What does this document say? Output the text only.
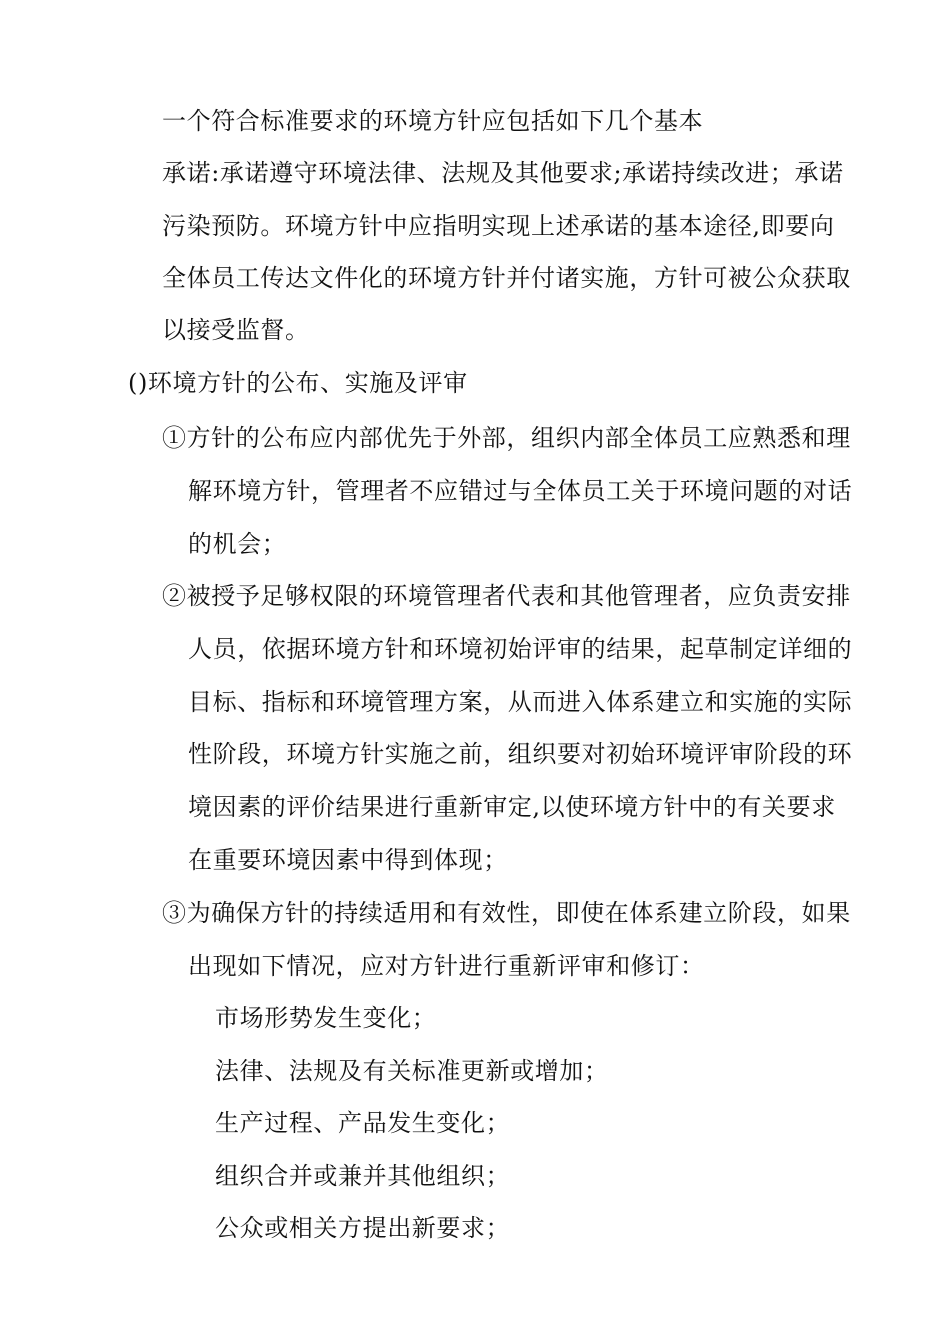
一个符合标准要求的环境方针应包括如下几个基本
承诺:承诺遵守环境法律、法规及其他要求;承诺持续改进；承诺
污染预防。环境方针中应指明实现上述承诺的基本途径,即要向
全体员工传达文件化的环境方针并付诸实施，方针可被公众获取
以接受监督。
()环境方针的公布、实施及评审
①方针的公布应内部优先于外部，组织内部全体员工应熟悉和理
解环境方针，管理者不应错过与全体员工关于环境问题的对话
的机会；
②被授予足够权限的环境管理者代表和其他管理者，应负责安排
人员，依据环境方针和环境初始评审的结果，起草制定详细的
目标、指标和环境管理方案，从而进入体系建立和实施的实际
性阶段，环境方针实施之前，组织要对初始环境评审阶段的环
境因素的评价结果进行重新审定,以使环境方针中的有关要求
在重要环境因素中得到体现；
③为确保方针的持续适用和有效性，即使在体系建立阶段，如果
出现如下情况，应对方针进行重新评审和修订：
市场形势发生变化；
法律、法规及有关标准更新或增加；
生产过程、产品发生变化；
组织合并或兼并其他组织；
公众或相关方提出新要求；
